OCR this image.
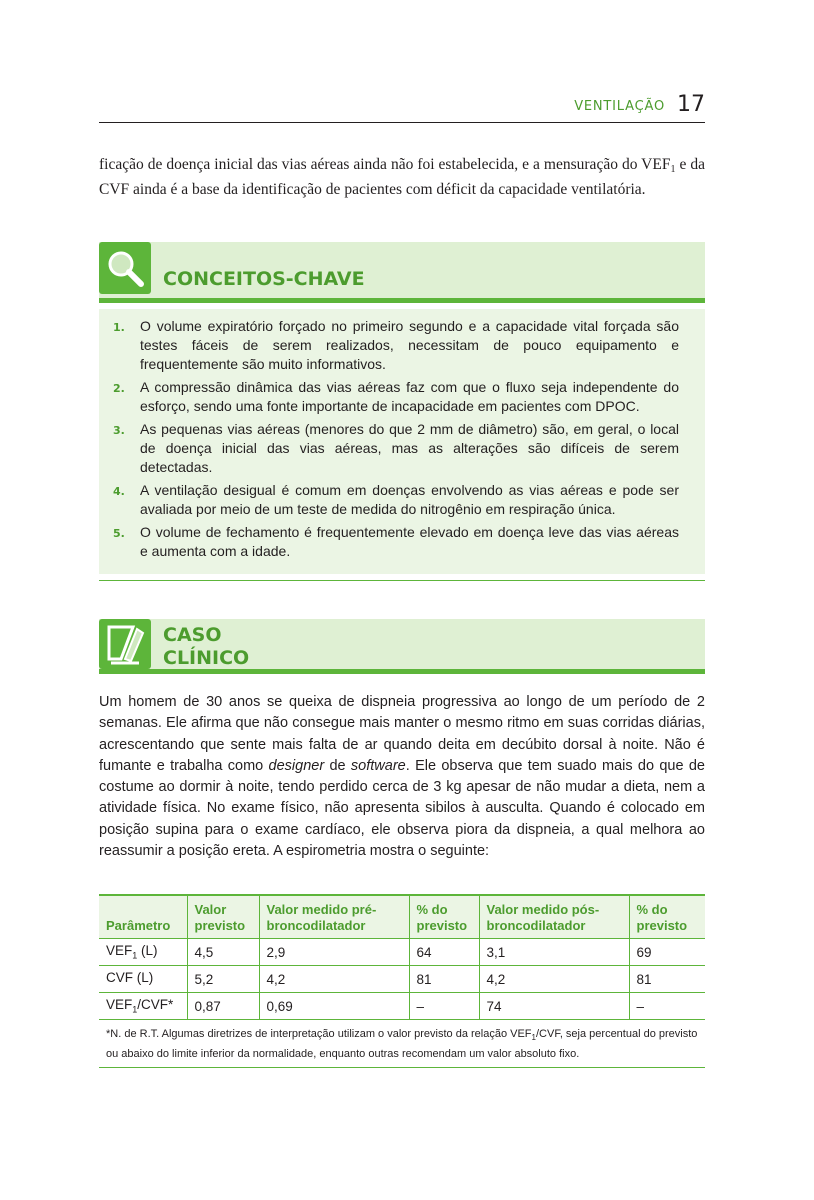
VENTILAÇÃO 17

ficação de doença inicial das vias aéreas ainda não foi estabelecida, e a mensuração do $VEF_1$ e da CVF ainda é a base da identificação de pacientes com déficit da capacidade ventilatória.

CONCEITOS-CHAVE
1. O volume expiratório forçado no primeiro segundo e a capacidade vital forçada são testes fáceis de serem realizados, necessitam de pouco equipamento e frequentemente são muito informativos.
2. A compressão dinâmica das vias aéreas faz com que o fluxo seja independente do esforço, sendo uma fonte importante de incapacidade em pacientes com DPOC.
3. As pequenas vias aéreas (menores do que 2 mm de diâmetro) são, em geral, o local de doença inicial das vias aéreas, mas as alterações são difíceis de serem detectadas.
4. A ventilação desigual é comum em doenças envolvendo as vias aéreas e pode ser avaliada por meio de um teste de medida do nitrogênio em respiração única.
5. O volume de fechamento é frequentemente elevado em doença leve das vias aéreas e aumenta com a idade.
CASO
CLÍNICO

Um homem de 30 anos se queixa de dispneia progressiva ao longo de um período de 2 semanas. Ele afirma que não consegue mais manter o mesmo ritmo em suas corridas diárias, acrescentando que sente mais falta de ar quando deita em decúbito dorsal à noite. Não é fumante e trabalha como designer de software. Ele observa que tem suado mais do que de costume ao dormir à noite, tendo perdido cerca de 3 kg apesar de não mudar a dieta, nem a atividade física. No exame físico, não apresenta sibilos à ausculta. Quando é colocado em posição supina para o exame cardíaco, ele observa piora da dispneia, a qual melhora ao reassumir a posição ereta. A espirometria mostra o seguinte:

Parâmetro	Valor previsto	Valor medido pré-broncodilatador	% do previsto	Valor medido pós-broncodilatador	% do previsto
$VEF_1$ (L)	4,5	2,9	64	3,1	69
CVF (L)	5,2	4,2	81	4,2	81
$VEF_1/CVF*$	0,87	0,69	–	74	–
*N. de R.T. Algumas diretrizes de interpretação utilizam o valor previsto da relação $VEF_1$/CVF, seja percentual do previsto ou abaixo do limite inferior da normalidade, enquanto outras recomendam um valor absoluto fixo.
